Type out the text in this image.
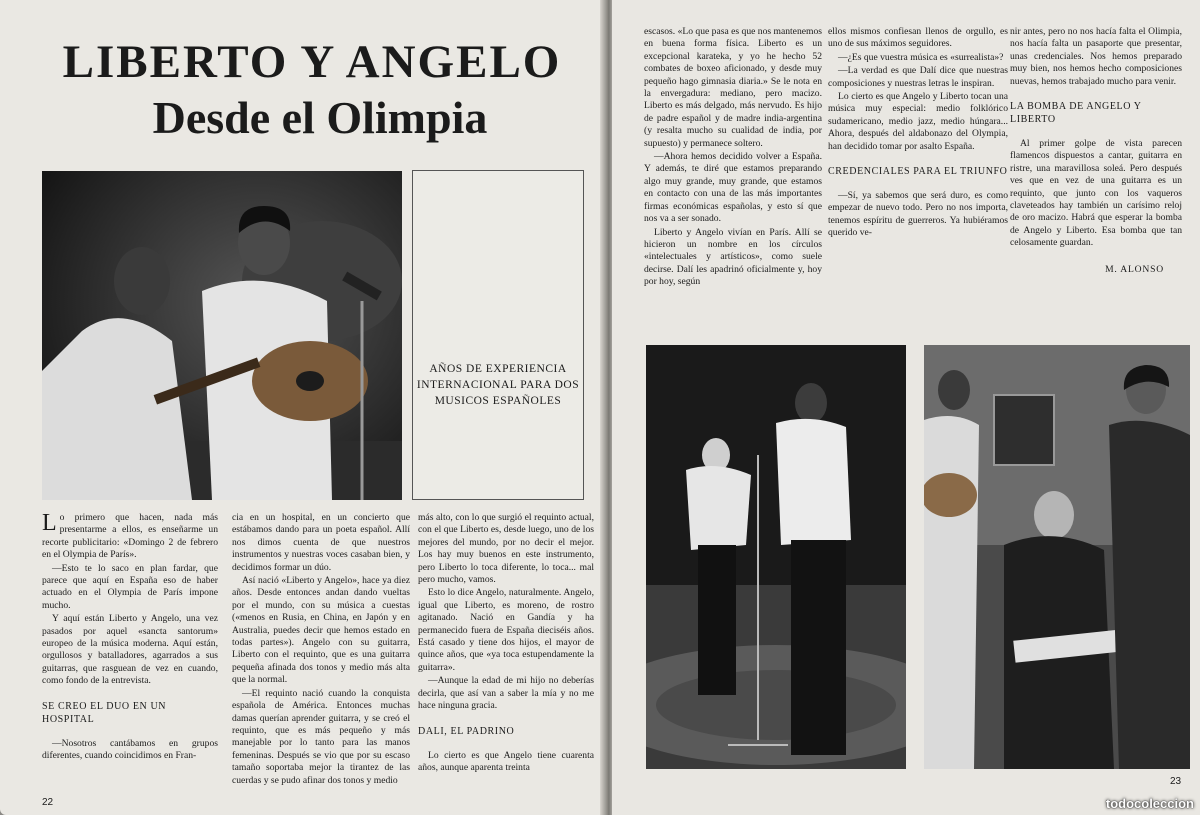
LIBERTO Y ANGELO
Desde el Olimpia
AÑOS DE EXPERIENCIA INTERNACIONAL PARA DOS MUSICOS ESPAÑOLES

Lo primero que hacen, nada más presentarme a ellos, es enseñarme un recorte publicitario: «Domingo 2 de febrero en el Olympia de París».

—Esto te lo saco en plan fardar, que parece que aquí en España eso de haber actuado en el Olympia de París impone mucho.

Y aquí están Liberto y Angelo, una vez pasados por aquel «sancta santorum» europeo de la música moderna. Aquí están, orgullosos y batalladores, agarrados a sus guitarras, que rasguean de vez en cuando, como fondo de la entrevista.

SE CREO EL DUO EN UN HOSPITAL

—Nosotros cantábamos en grupos diferentes, cuando coincidimos en Fran-

cia en un hospital, en un concierto que estábamos dando para un poeta español. Allí nos dimos cuenta de que nuestros instrumentos y nuestras voces casaban bien, y decidimos formar un dúo.

Así nació «Liberto y Angelo», hace ya diez años. Desde entonces andan dando vueltas por el mundo, con su música a cuestas («menos en Rusia, en China, en Japón y en Australia, puedes decir que hemos estado en todas partes»). Angelo con su guitarra, Liberto con el requinto, que es una guitarra pequeña afinada dos tonos y medio más alta que la normal.

—El requinto nació cuando la conquista española de América. Entonces muchas damas querían aprender guitarra, y se creó el requinto, que es más pequeño y más manejable por lo tanto para las manos femeninas. Después se vio que por su escaso tamaño soportaba mejor la tirantez de las cuerdas y se pudo afinar dos tonos y medio

más alto, con lo que surgió el requinto actual, con el que Liberto es, desde luego, uno de los mejores del mundo, por no decir el mejor. Los hay muy buenos en este instrumento, pero Liberto lo toca diferente, lo toca... mal pero mucho, vamos.

Esto lo dice Angelo, naturalmente. Angelo, igual que Liberto, es moreno, de rostro agitanado. Nació en Gandía y ha permanecido fuera de España dieciséis años. Está casado y tiene dos hijos, el mayor de quince años, que «ya toca estupendamente la guitarra».

—Aunque la edad de mi hijo no deberías decirla, que así van a saber la mía y no me hace ninguna gracia.

DALI, EL PADRINO

Lo cierto es que Angelo tiene cuarenta años, aunque aparenta treinta

22

escasos. «Lo que pasa es que nos mantenemos en buena forma física. Liberto es un excepcional karateka, y yo he hecho 52 combates de boxeo aficionado, y desde muy pequeño hago gimnasia diaria.» Se le nota en la envergadura: mediano, pero macizo. Liberto es más delgado, más nervudo. Es hijo de padre español y de madre india-argentina (y resalta mucho su cualidad de india, por supuesto) y permanece soltero.

—Ahora hemos decidido volver a España. Y además, te diré que estamos preparando algo muy grande, muy grande, que estamos en contacto con una de las más importantes firmas económicas españolas, y esto sí que nos va a ser sonado.

Liberto y Angelo vivían en París. Allí se hicieron un nombre en los círculos «intelectuales y artísticos», como suele decirse. Dalí les apadrinó oficialmente y, hoy por hoy, según

ellos mismos confiesan llenos de orgullo, es uno de sus máximos seguidores.

—¿Es que vuestra música es «surrealista»?

—La verdad es que Dalí dice que nuestras composiciones y nuestras letras le inspiran.

Lo cierto es que Angelo y Liberto tocan una música muy especial: medio folklórico sudamericano, medio jazz, medio húngara... Ahora, después del aldabonazo del Olympia, han decidido tomar por asalto España.

CREDENCIALES PARA EL TRIUNFO

—Sí, ya sabemos que será duro, es como empezar de nuevo todo. Pero no nos importa, tenemos espíritu de guerreros. Ya hubiéramos querido ve-

nir antes, pero no nos hacía falta el Olimpia, nos hacía falta un pasaporte que presentar, unas credenciales. Nos hemos preparado muy bien, nos hemos hecho composiciones nuevas, hemos trabajado mucho para venir.

LA BOMBA DE ANGELO Y LIBERTO

Al primer golpe de vista parecen flamencos dispuestos a cantar, guitarra en ristre, una maravillosa soleá. Pero después ves que en vez de una guitarra es un requinto, que junto con los vaqueros claveteados hay también un carísimo reloj de oro macizo. Habrá que esperar la bomba de Angelo y Liberto. Esa bomba que tan celosamente guardan.

M. ALONSO
23
todocoleccion
